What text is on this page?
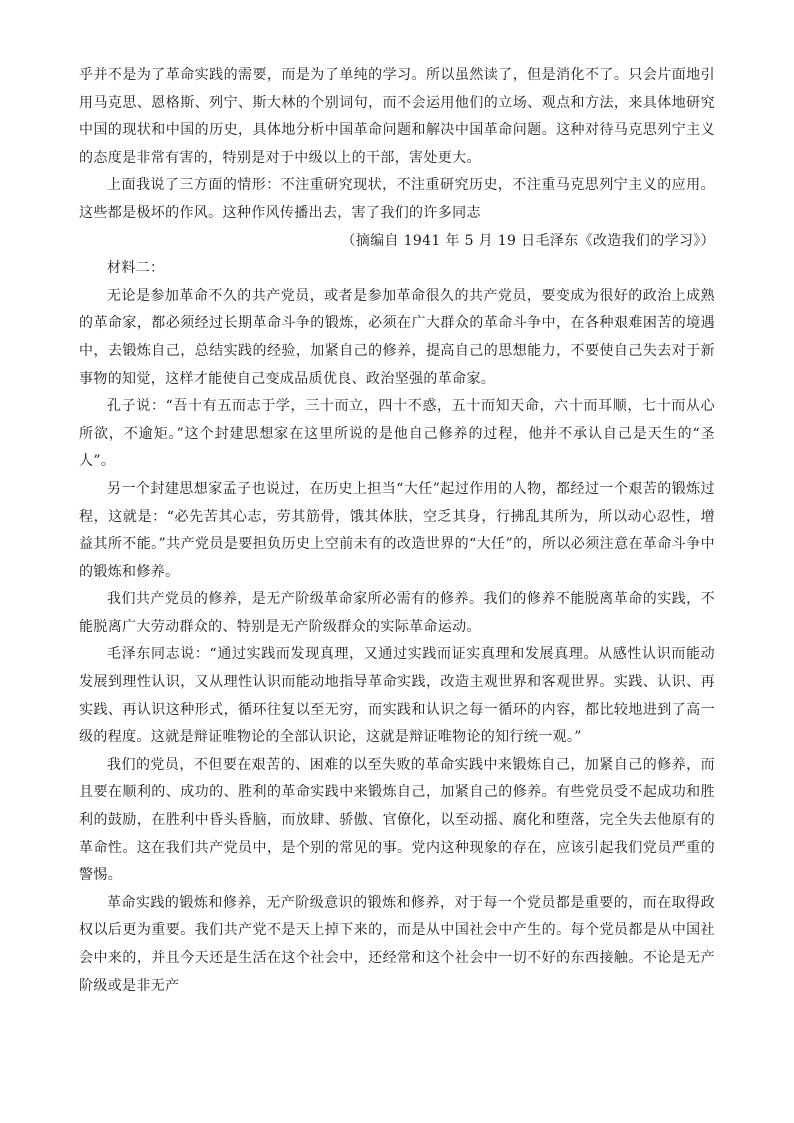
乎并不是为了革命实践的需要，而是为了单纯的学习。所以虽然读了，但是消化不了。只会片面地引用马克思、恩格斯、列宁、斯大林的个别词句，而不会运用他们的立场、观点和方法，来具体地研究中国的现状和中国的历史，具体地分析中国革命问题和解决中国革命问题。这种对待马克思列宁主义的态度是非常有害的，特别是对于中级以上的干部，害处更大。

上面我说了三方面的情形：不注重研究现状，不注重研究历史，不注重马克思列宁主义的应用。这些都是极坏的作风。这种作风传播出去，害了我们的许多同志

（摘编自 1941 年 5 月 19 日毛泽东《改造我们的学习》）

材料二：

无论是参加革命不久的共产党员，或者是参加革命很久的共产党员，要变成为很好的政治上成熟的革命家，都必须经过长期革命斗争的锻炼，必须在广大群众的革命斗争中，在各种艰难困苦的境遇中，去锻炼自己，总结实践的经验，加紧自己的修养，提高自己的思想能力，不要使自己失去对于新事物的知觉，这样才能使自己变成品质优良、政治坚强的革命家。

孔子说：“吾十有五而志于学，三十而立，四十不惑，五十而知天命，六十而耳顺，七十而从心所欲，不逾矩。”这个封建思想家在这里所说的是他自己修养的过程，他并不承认自己是天生的“圣人”。

另一个封建思想家孟子也说过，在历史上担当“大任”起过作用的人物，都经过一个艰苦的锻炼过程，这就是：“必先苦其心志，劳其筋骨，饿其体肤，空乏其身，行拂乱其所为，所以动心忍性，增益其所不能。”共产党员是要担负历史上空前未有的改造世界的“大任”的，所以必须注意在革命斗争中的锻炼和修养。

我们共产党员的修养，是无产阶级革命家所必需有的修养。我们的修养不能脱离革命的实践，不能脱离广大劳动群众的、特别是无产阶级群众的实际革命运动。

毛泽东同志说：“通过实践而发现真理，又通过实践而证实真理和发展真理。从感性认识而能动发展到理性认识，又从理性认识而能动地指导革命实践，改造主观世界和客观世界。实践、认识、再实践、再认识这种形式，循环往复以至无穷，而实践和认识之每一循环的内容，都比较地进到了高一级的程度。这就是辩证唯物论的全部认识论，这就是辩证唯物论的知行统一观。”

我们的党员，不但要在艰苦的、困难的以至失败的革命实践中来锻炼自己，加紧自己的修养，而且要在顺利的、成功的、胜利的革命实践中来锻炼自己，加紧自己的修养。有些党员受不起成功和胜利的鼓励，在胜利中昏头昏脑，而放肆、骄傲、官僚化，以至动摇、腐化和堕落，完全失去他原有的革命性。这在我们共产党员中，是个别的常见的事。党内这种现象的存在，应该引起我们党员严重的警惕。

革命实践的锻炼和修养，无产阶级意识的锻炼和修养，对于每一个党员都是重要的，而在取得政权以后更为重要。我们共产党不是天上掉下来的，而是从中国社会中产生的。每个党员都是从中国社会中来的，并且今天还是生活在这个社会中，还经常和这个社会中一切不好的东西接触。不论是无产阶级或是非无产
